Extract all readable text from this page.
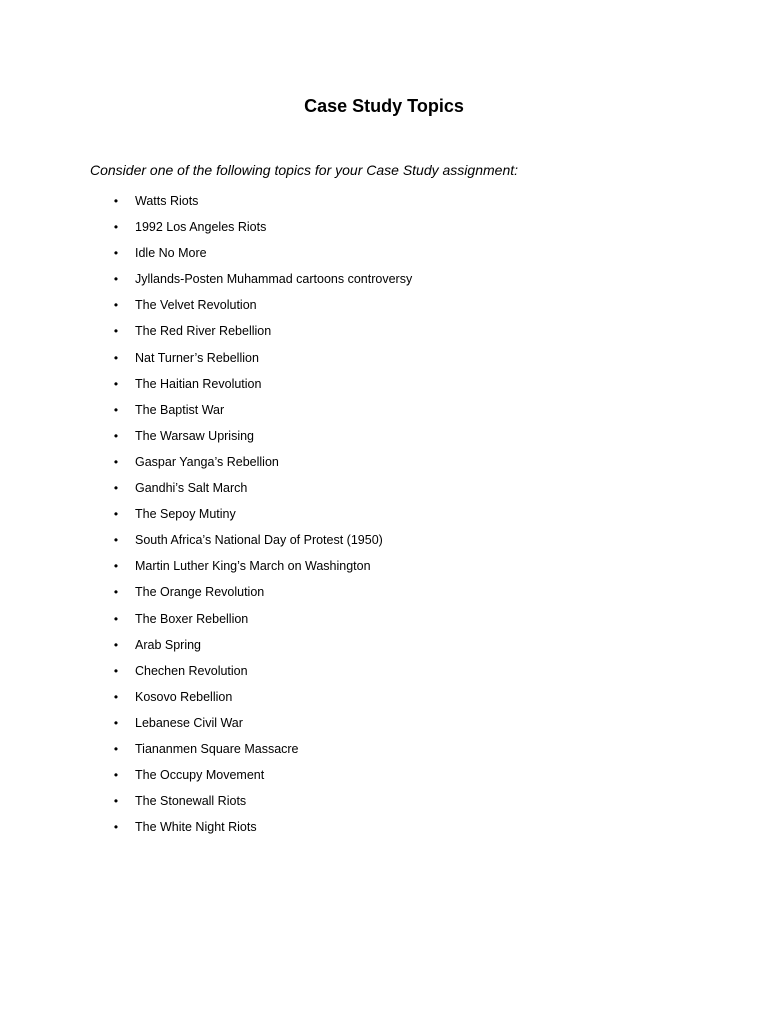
Case Study Topics

Consider one of the following topics for your Case Study assignment:

• Watts Riots
• 1992 Los Angeles Riots
• Idle No More
• Jyllands-Posten Muhammad cartoons controversy
• The Velvet Revolution
• The Red River Rebellion
• Nat Turner’s Rebellion
• The Haitian Revolution
• The Baptist War
• The Warsaw Uprising
• Gaspar Yanga’s Rebellion
• Gandhi’s Salt March
• The Sepoy Mutiny
• South Africa’s National Day of Protest (1950)
• Martin Luther King’s March on Washington
• The Orange Revolution
• The Boxer Rebellion
• Arab Spring
• Chechen Revolution
• Kosovo Rebellion
• Lebanese Civil War
• Tiananmen Square Massacre
• The Occupy Movement
• The Stonewall Riots
• The White Night Riots
